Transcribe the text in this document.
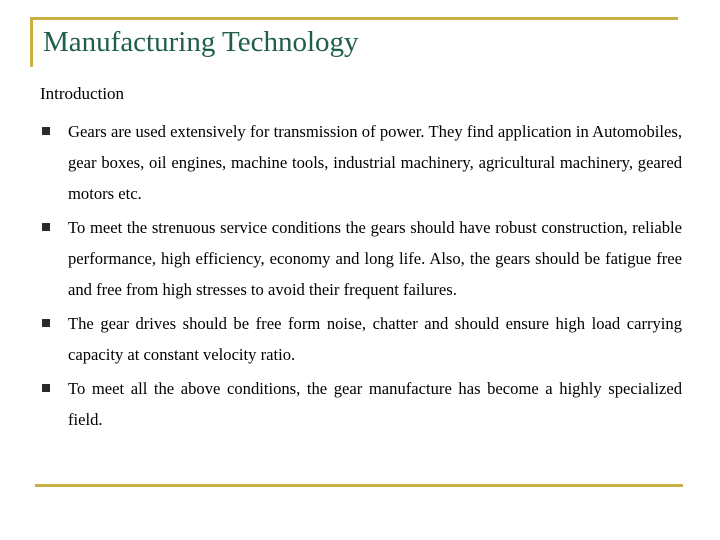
Manufacturing Technology
Introduction
Gears are used extensively for transmission of power. They find application in Automobiles, gear boxes, oil engines, machine tools, industrial machinery, agricultural machinery, geared motors etc.
To meet the strenuous service conditions the gears should have robust construction, reliable performance, high efficiency, economy and long life. Also, the gears should be fatigue free and free from high stresses to avoid their frequent failures.
The gear drives should be free form noise, chatter and should ensure high load carrying capacity at constant velocity ratio.
To meet all the above conditions, the gear manufacture has become a highly specialized field.
